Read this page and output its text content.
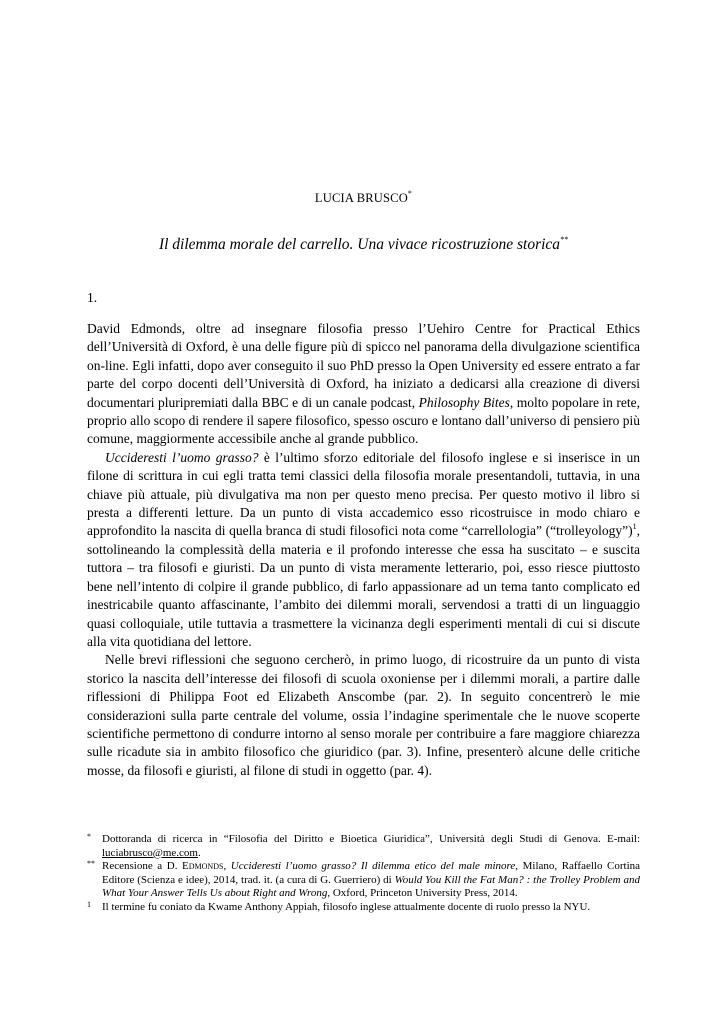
LUCIA BRUSCO*
Il dilemma morale del carrello. Una vivace ricostruzione storica**
1.

David Edmonds, oltre ad insegnare filosofia presso l’Uehiro Centre for Practical Ethics dell’Università di Oxford, è una delle figure più di spicco nel panorama della divulgazione scientifica on-line. Egli infatti, dopo aver conseguito il suo PhD presso la Open University ed essere entrato a far parte del corpo docenti dell’Università di Oxford, ha iniziato a dedicarsi alla creazione di diversi documentari pluripremiati dalla BBC e di un canale podcast, Philosophy Bites, molto popolare in rete, proprio allo scopo di rendere il sapere filosofico, spesso oscuro e lontano dall’universo di pensiero più comune, maggiormente accessibile anche al grande pubblico.

Uccideresti l’uomo grasso? è l’ultimo sforzo editoriale del filosofo inglese e si inserisce in un filone di scrittura in cui egli tratta temi classici della filosofia morale presentandoli, tuttavia, in una chiave più attuale, più divulgativa ma non per questo meno precisa. Per questo motivo il libro si presta a differenti letture. Da un punto di vista accademico esso ricostruisce in modo chiaro e approfondito la nascita di quella branca di studi filosofici nota come “carrellologia” (“trolleyology”)$^1$, sottolineando la complessità della materia e il profondo interesse che essa ha suscitato – e suscita tuttora – tra filosofi e giuristi. Da un punto di vista meramente letterario, poi, esso riesce piuttosto bene nell’intento di colpire il grande pubblico, di farlo appassionare ad un tema tanto complicato ed inestricabile quanto affascinante, l’ambito dei dilemmi morali, servendosi a tratti di un linguaggio quasi colloquiale, utile tuttavia a trasmettere la vicinanza degli esperimenti mentali di cui si discute alla vita quotidiana del lettore.

Nelle brevi riflessioni che seguono cercherò, in primo luogo, di ricostruire da un punto di vista storico la nascita dell’interesse dei filosofi di scuola oxoniense per i dilemmi morali, a partire dalle riflessioni di Philippa Foot ed Elizabeth Anscombe (par. 2). In seguito concentrerò le mie considerazioni sulla parte centrale del volume, ossia l’indagine sperimentale che le nuove scoperte scientifiche permettono di condurre intorno al senso morale per contribuire a fare maggiore chiarezza sulle ricadute sia in ambito filosofico che giuridico (par. 3). Infine, presenterò alcune delle critiche mosse, da filosofi e giuristi, al filone di studi in oggetto (par. 4).

* Dottoranda di ricerca in “Filosofia del Diritto e Bioetica Giuridica”, Università degli Studi di Genova. E-mail: luciabrusco@me.com.

** Recensione a D. Edmonds, Uccideresti l’uomo grasso? Il dilemma etico del male minore, Milano, Raffaello Cortina Editore (Scienza e idee), 2014, trad. it. (a cura di G. Guerriero) di Would You Kill the Fat Man? : the Trolley Problem and What Your Answer Tells Us about Right and Wrong, Oxford, Princeton University Press, 2014.

1 Il termine fu coniato da Kwame Anthony Appiah, filosofo inglese attualmente docente di ruolo presso la NYU.
